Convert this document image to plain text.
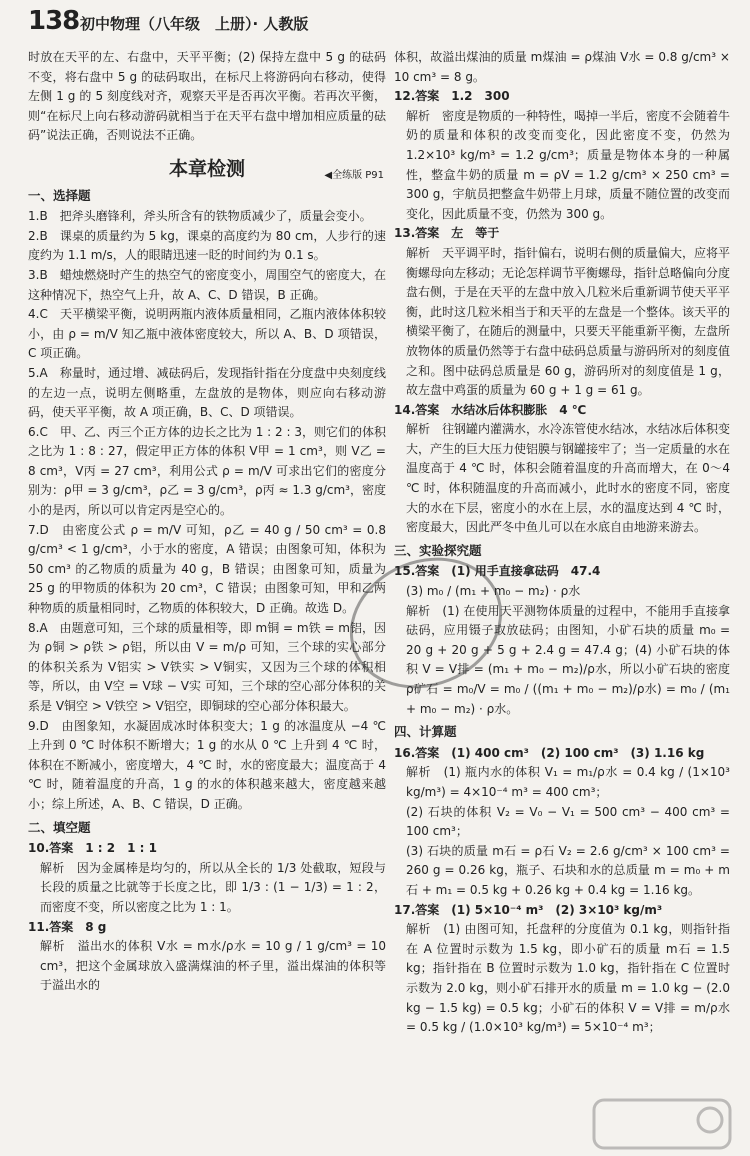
138 初中物理（八年级　上册）· 人教版

时放在天平的左、右盘中，天平平衡；(2) 保持左盘中 5 g 的砝码不变，将右盘中 5 g 的砝码取出，在标尺上将游码向右移动，使得左侧 1 g 的 5 刻度线对齐，观察天平是否再次平衡。若再次平衡，则“在标尺上向右移动游码就相当于在天平右盘中增加相应质量的砝码”说法正确，否则说法不正确。

本章检测	◀全练版 P91
一、选择题

1.B　把斧头磨锋利，斧头所含有的铁物质减少了，质量会变小。

2.B　课桌的质量约为 5 kg，课桌的高度约为 80 cm，人步行的速度约为 1.1 m/s，人的眼睛迅速一眨的时间约为 0.1 s。

3.B　蜡烛燃烧时产生的热空气的密度变小，周围空气的密度大，在这种情况下，热空气上升，故 A、C、D 错误，B 正确。

4.C　天平横梁平衡，说明两瓶内液体质量相同，乙瓶内液体体积较小，由 ρ = m/V 知乙瓶中液体密度较大，所以 A、B、D 项错误，C 项正确。

5.A　称量时，通过增、减砝码后，发现指针指在分度盘中央刻度线的左边一点，说明左侧略重，左盘放的是物体，则应向右移动游码，使天平平衡，故 A 项正确，B、C、D 项错误。

6.C　甲、乙、丙三个正方体的边长之比为 1 : 2 : 3，则它们的体积之比为 1 : 8 : 27，假定甲正方体的体积 V甲 = 1 cm³，则 V乙 = 8 cm³，V丙 = 27 cm³，利用公式 ρ = m/V 可求出它们的密度分别为：ρ甲 = 3 g/cm³，ρ乙 = 3 g/cm³，ρ丙 ≈ 1.3 g/cm³，密度小的是丙，所以可以肯定丙是空心的。

7.D　由密度公式 ρ = m/V 可知，ρ乙 = 40 g / 50 cm³ = 0.8 g/cm³ < 1 g/cm³，小于水的密度，A 错误；由图象可知，体积为 50 cm³ 的乙物质的质量为 40 g，B 错误；由图象可知，质量为 25 g 的甲物质的体积为 20 cm³，C 错误；由图象可知，甲和乙两种物质的质量相同时，乙物质的体积较大，D 正确。故选 D。

8.A　由题意可知，三个球的质量相等，即 m铜 = m铁 = m铝，因为 ρ铜 > ρ铁 > ρ铝，所以由 V = m/ρ 可知，三个球的实心部分的体积关系为 V铝实 > V铁实 > V铜实，又因为三个球的体积相等，所以，由 V空 = V球 − V实 可知，三个球的空心部分体积的关系是 V铜空 > V铁空 > V铝空，即铜球的空心部分体积最大。

9.D　由图象知，水凝固成冰时体积变大；1 g 的冰温度从 −4 ℃ 上升到 0 ℃ 时体积不断增大；1 g 的水从 0 ℃ 上升到 4 ℃ 时，体积在不断减小，密度增大，4 ℃ 时，水的密度最大；温度高于 4 ℃ 时，随着温度的升高，1 g 的水的体积越来越大，密度越来越小；综上所述，A、B、C 错误，D 正确。

二、填空题

10.答案　1 : 2　1 : 1

解析　因为金属棒是均匀的，所以从全长的 1/3 处截取，短段与长段的质量之比就等于长度之比，即 1/3 : (1 − 1/3) = 1 : 2，而密度不变，所以密度之比为 1 : 1。

11.答案　8 g

解析　溢出水的体积 V水 = m水/ρ水 = 10 g / 1 g/cm³ = 10 cm³，把这个金属球放入盛满煤油的杯子里，溢出煤油的体积等于溢出水的

体积，故溢出煤油的质量 m煤油 = ρ煤油 V水 = 0.8 g/cm³ × 10 cm³ = 8 g。

12.答案　1.2　300

解析　密度是物质的一种特性，喝掉一半后，密度不会随着牛奶的质量和体积的改变而变化，因此密度不变，仍然为 1.2×10³ kg/m³ = 1.2 g/cm³；质量是物体本身的一种属性，整盒牛奶的质量 m = ρV = 1.2 g/cm³ × 250 cm³ = 300 g，宇航员把整盒牛奶带上月球，质量不随位置的改变而变化，因此质量不变，仍然为 300 g。

13.答案　左　等于

解析　天平调平时，指针偏右，说明右侧的质量偏大，应将平衡螺母向左移动；无论怎样调节平衡螺母，指针总略偏向分度盘右侧，于是在天平的左盘中放入几粒米后重新调节使天平平衡，此时这几粒米相当于和天平的左盘是一个整体。该天平的横梁平衡了，在随后的测量中，只要天平能重新平衡，左盘所放物体的质量仍然等于右盘中砝码总质量与游码所对的刻度值之和。图中砝码总质量是 60 g，游码所对的刻度值是 1 g，故左盘中鸡蛋的质量为 60 g + 1 g = 61 g。

14.答案　水结冰后体积膨胀　4 ℃

解析　往钢罐内灌满水，水冷冻管使水结冰，水结冰后体积变大，产生的巨大压力使铝膜与钢罐接牢了；当一定质量的水在温度高于 4 ℃ 时，体积会随着温度的升高而增大，在 0～4 ℃ 时，体积随温度的升高而减小，此时水的密度不同，密度大的水在下层，密度小的水在上层，水的温度达到 4 ℃ 时，密度最大，因此严冬中鱼儿可以在水底自由地游来游去。

三、实验探究题

15.答案　(1) 用手直接拿砝码　47.4

(3) m₀ / (m₁ + m₀ − m₂) · ρ水

解析　(1) 在使用天平测物体质量的过程中，不能用手直接拿砝码，应用镊子取放砝码；由图知，小矿石块的质量 m₀ = 20 g + 20 g + 5 g + 2.4 g = 47.4 g；(4) 小矿石块的体积 V = V排 = (m₁ + m₀ − m₂)/ρ水，所以小矿石块的密度 ρ矿石 = m₀/V = m₀ / ((m₁ + m₀ − m₂)/ρ水) = m₀ / (m₁ + m₀ − m₂) · ρ水。

四、计算题

16.答案　(1) 400 cm³　(2) 100 cm³　(3) 1.16 kg

解析　(1) 瓶内水的体积 V₁ = m₁/ρ水 = 0.4 kg / (1×10³ kg/m³) = 4×10⁻⁴ m³ = 400 cm³；

(2) 石块的体积 V₂ = V₀ − V₁ = 500 cm³ − 400 cm³ = 100 cm³；

(3) 石块的质量 m石 = ρ石 V₂ = 2.6 g/cm³ × 100 cm³ = 260 g = 0.26 kg，瓶子、石块和水的总质量 m = m₀ + m石 + m₁ = 0.5 kg + 0.26 kg + 0.4 kg = 1.16 kg。

17.答案　(1) 5×10⁻⁴ m³　(2) 3×10³ kg/m³

解析　(1) 由图可知，托盘秤的分度值为 0.1 kg，则指针指在 A 位置时示数为 1.5 kg，即小矿石的质量 m石 = 1.5 kg；指针指在 B 位置时示数为 1.0 kg，指针指在 C 位置时示数为 2.0 kg，则小矿石排开水的质量 m = 1.0 kg − (2.0 kg − 1.5 kg) = 0.5 kg；小矿石的体积 V = V排 = m/ρ水 = 0.5 kg / (1.0×10³ kg/m³) = 5×10⁻⁴ m³；
